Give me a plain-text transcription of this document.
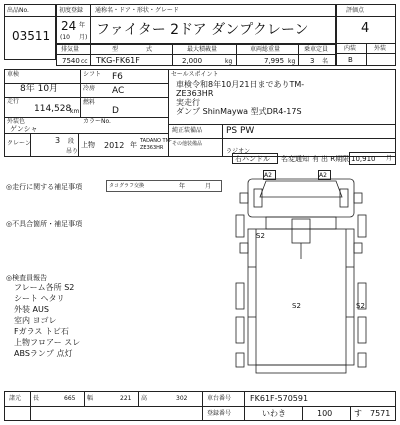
出品No.
03511
初度登録 通称名・ドア・形状・グレード
24 年
(10 月) ファイター 2ドア ダンプクレーン
評価点
4
内装	外装
B
排気量	型	式	最大積載量	車両総重量	乗車定員
7540 cc TKG-FK61F	2,000	kg	7,995 kg 3 名
車検
8年 10月
シフト F6
冷房 AC
走行
114,528
km
燃料
D
外装色
ゲンシャ
カラーNo.
クレーン	3 段
吊り
上物 2012 年 TADANO TM-
ZE363HR
セールスポイント
車検令和8年10月21日までありTM-ZE363HR
実走行
ダンプ ShinMaywa 型式DR4-17S
純正装備品	PS PW
その他装備品
ラジオン
右ハンドル 名変通知 有 出 R期限 10,910 月
◎走行に関する補足事項	タコグラフ交換	年	月
◎不具合箇所・補足事項
◎検査員報告
フレーム各所 S2
シート ヘタリ
外装 AUS
室内 ヨゴレ
Fガラス トビ石
上物フロアー スレ
ABSランプ 点灯
A2	A2
S2
S2	S2
諸元 長	665 幅	221 高	302	車台番号 FK61F-570591
登録番号	いわき	100	す 7571
